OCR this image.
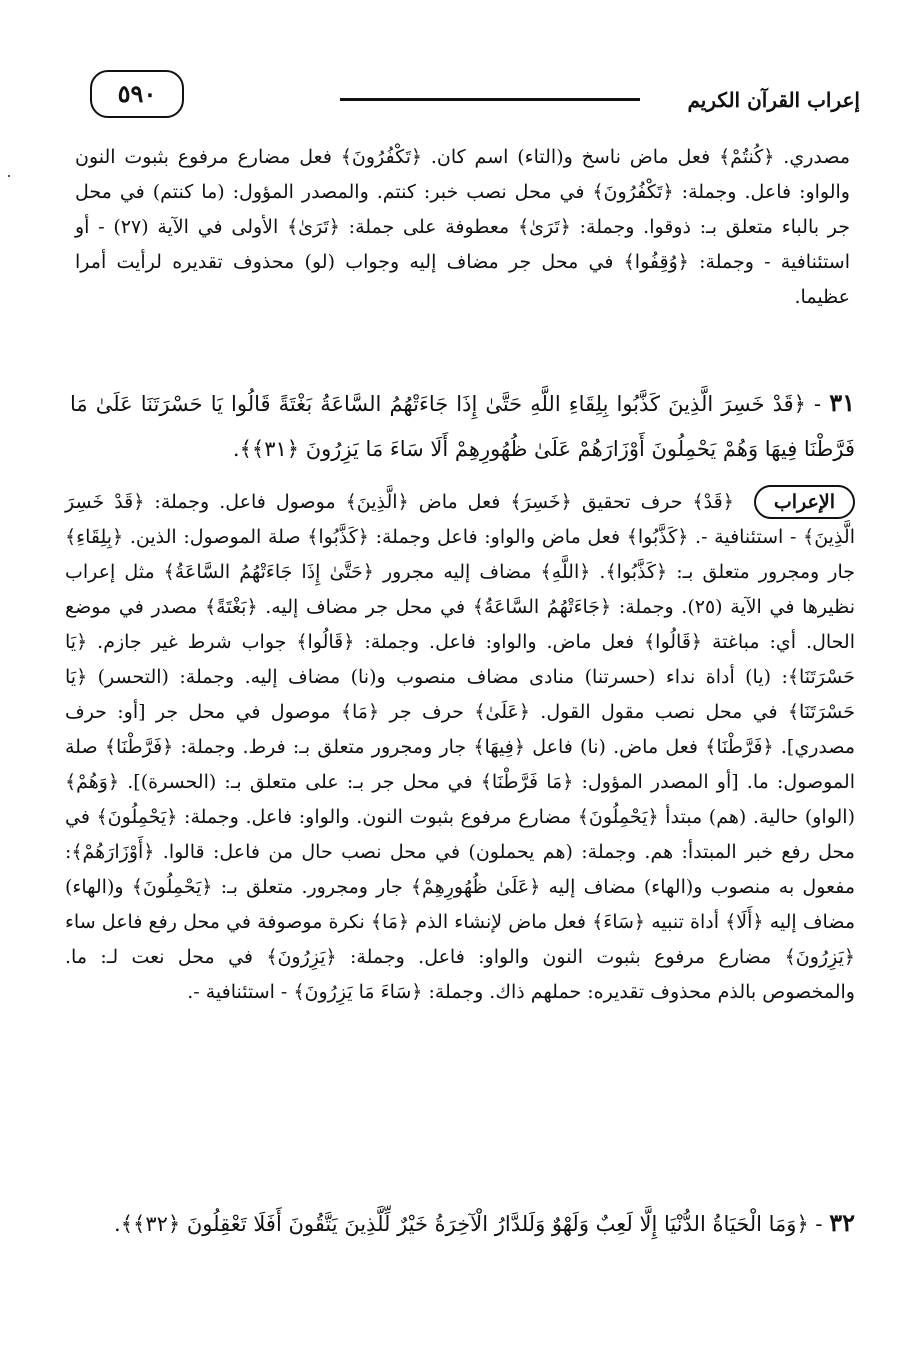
إعراب القرآن الكريم
٥٩٠
مصدري. ﴿كُنتُمْ﴾ فعل ماض ناسخ و(التاء) اسم كان. ﴿تَكْفُرُونَ﴾ فعل مضارع مرفوع بثبوت النون والواو: فاعل. وجملة: ﴿تَكْفُرُونَ﴾ في محل نصب خبر: كنتم. والمصدر المؤول: (ما كنتم) في محل جر بالباء متعلق بـ: ذوقوا. وجملة: ﴿تَرَىٰ﴾ معطوفة على جملة: ﴿تَرَىٰ﴾ الأولى في الآية (٢٧) - أو استئنافية - وجملة: ﴿وُقِفُوا﴾ في محل جر مضاف إليه وجواب (لو) محذوف تقديره لرأيت أمرا عظيما.
٣١ - ﴿قَدْ خَسِرَ الَّذِينَ كَذَّبُوا بِلِقَاءِ اللَّهِ حَتَّىٰ إِذَا جَاءَتْهُمُ السَّاعَةُ بَغْتَةً قَالُوا يَا حَسْرَتَنَا عَلَىٰ مَا فَرَّطْنَا فِيهَا وَهُمْ يَحْمِلُونَ أَوْزَارَهُمْ عَلَىٰ ظُهُورِهِمْ أَلَا سَاءَ مَا يَزِرُونَ ﴿٣١﴾﴾.
الإعراب ﴿قَدْ﴾ حرف تحقيق ﴿خَسِرَ﴾ فعل ماض ﴿الَّذِينَ﴾ موصول فاعل. وجملة: ﴿قَدْ خَسِرَ الَّذِينَ﴾ - استئنافية -. ﴿كَذَّبُوا﴾ فعل ماض والواو: فاعل وجملة: ﴿كَذَّبُوا﴾ صلة الموصول: الذين. ﴿بِلِقَاءِ﴾ جار ومجرور متعلق بـ: ﴿كَذَّبُوا﴾. ﴿اللَّهِ﴾ مضاف إليه مجرور ﴿حَتَّىٰ إِذَا جَاءَتْهُمُ السَّاعَةُ﴾ مثل إعراب نظيرها في الآية (٢٥). وجملة: ﴿جَاءَتْهُمُ السَّاعَةُ﴾ في محل جر مضاف إليه. ﴿بَغْتَةً﴾ مصدر في موضع الحال. أي: مباغتة ﴿قَالُوا﴾ فعل ماض. والواو: فاعل. وجملة: ﴿قَالُوا﴾ جواب شرط غير جازم. ﴿يَا حَسْرَتَنَا﴾: (يا) أداة نداء (حسرتنا) منادى مضاف منصوب و(نا) مضاف إليه. وجملة: (التحسر) ﴿يَا حَسْرَتَنَا﴾ في محل نصب مقول القول. ﴿عَلَىٰ﴾ حرف جر ﴿مَا﴾ موصول في محل جر [أو: حرف مصدري]. ﴿فَرَّطْنَا﴾ فعل ماض. (نا) فاعل ﴿فِيهَا﴾ جار ومجرور متعلق بـ: فرط. وجملة: ﴿فَرَّطْنَا﴾ صلة الموصول: ما. [أو المصدر المؤول: ﴿مَا فَرَّطْنَا﴾ في محل جر بـ: على متعلق بـ: (الحسرة)]. ﴿وَهُمْ﴾ (الواو) حالية. (هم) مبتدأ ﴿يَحْمِلُونَ﴾ مضارع مرفوع بثبوت النون. والواو: فاعل. وجملة: ﴿يَحْمِلُونَ﴾ في محل رفع خبر المبتدأ: هم. وجملة: (هم يحملون) في محل نصب حال من فاعل: قالوا. ﴿أَوْزَارَهُمْ﴾: مفعول به منصوب و(الهاء) مضاف إليه ﴿عَلَىٰ ظُهُورِهِمْ﴾ جار ومجرور. متعلق بـ: ﴿يَحْمِلُونَ﴾ و(الهاء) مضاف إليه ﴿أَلَا﴾ أداة تنبيه ﴿سَاءَ﴾ فعل ماض لإنشاء الذم ﴿مَا﴾ نكرة موصوفة في محل رفع فاعل ساء ﴿يَزِرُونَ﴾ مضارع مرفوع بثبوت النون والواو: فاعل. وجملة: ﴿يَزِرُونَ﴾ في محل نعت لـ: ما. والمخصوص بالذم محذوف تقديره: حملهم ذاك. وجملة: ﴿سَاءَ مَا يَزِرُونَ﴾ - استئنافية -.
٣٢ - ﴿وَمَا الْحَيَاةُ الدُّنْيَا إِلَّا لَعِبٌ وَلَهْوٌ وَلَلدَّارُ الْآخِرَةُ خَيْرٌ لِّلَّذِينَ يَتَّقُونَ أَفَلَا تَعْقِلُونَ ﴿٣٢﴾﴾.
